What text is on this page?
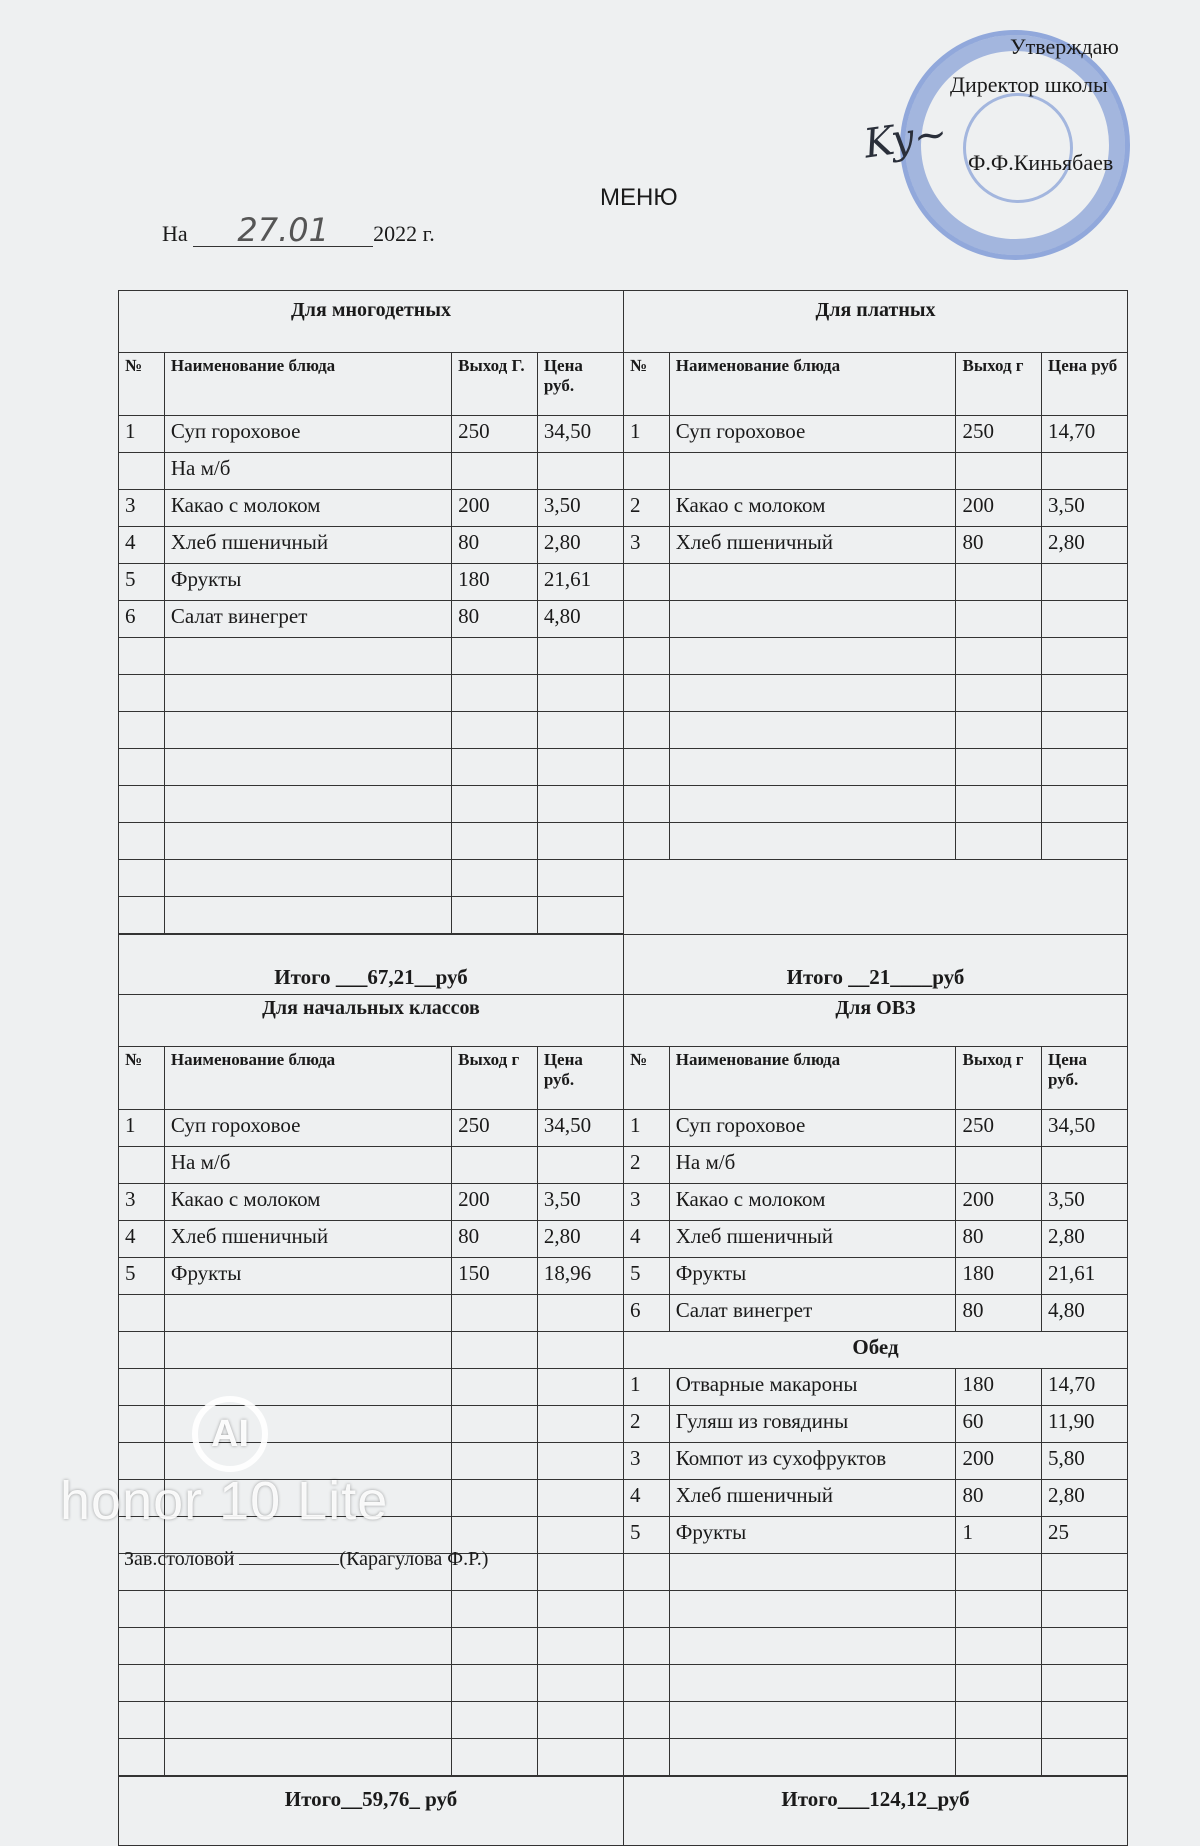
Утверждаю
Директор школы
Ky~ Ф.Ф.Киньябаев
МЕНЮ
На 27.01 2022 г.
Для многодетных
№	Наименование блюда	Выход Г.	Цена руб.
1	Суп гороховое	250	34,50
	На м/б		
3	Какао с молоком	200	3,50
4	Хлеб пшеничный	80	2,80
5	Фрукты	180	21,61
6	Салат винегрет	80	4,80

Для платных
№	Наименование блюда	Выход г	Цена руб
1	Суп гороховое	250	14,70

2	Какао с молоком	200	3,50
3	Хлеб пшеничный	80	2,80

Итого ___67,21__руб	Итого __21____руб
Для начальных классов
№	Наименование блюда	Выход г	Цена руб.
1	Суп гороховое	250	34,50
	На м/б		
3	Какао с молоком	200	3,50
4	Хлеб пшеничный	80	2,80
5	Фрукты	150	18,96

Для ОВЗ
№	Наименование блюда	Выход г	Цена руб.
1	Суп гороховое	250	34,50
2	На м/б		
3	Какао с молоком	200	3,50
4	Хлеб пшеничный	80	2,80
5	Фрукты	180	21,61
6	Салат винегрет	80	4,80
Обед			
1	Отварные макароны	180	14,70
2	Гуляш из говядины	60	11,90
3	Компот из сухофруктов	200	5,80
4	Хлеб пшеничный	80	2,80
5	Фрукты	1	25

Итого__59,76_ руб	Итого___124,12_руб
Зав.столовой	(Карагулова Ф.Р.)
AI
honor 10 Lite
